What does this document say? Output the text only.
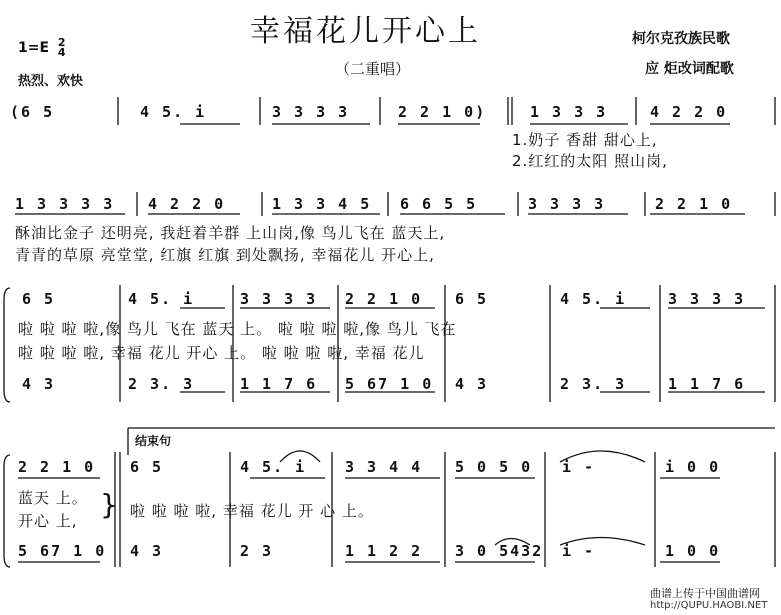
幸福花儿开心上
（二重唱）
1=E 2
4
热烈、欢快
柯尔克孜族民歌
应 炬改词配歌
(6 5	4 5. i	3 3 3 3	2 2 1 0)	1 3 3 3	4 2 2 0
1.奶子 香甜 甜心上,
2.红红的太阳 照山岗,
1 3 3 3 3 4 2 2 0	1 3 3 4 5 6 6 5 5	3 3 3 3	2 2 1 0
酥油比金子 还明亮, 我赶着羊群 上山岗,像 鸟儿飞在 蓝天上,
青青的草原 亮堂堂, 红旗 红旗 到处飘扬, 幸福花儿 开心上,
6 5	4 5. i	3 3 3 3 2 2 1 0 6 5	4 5. i	3 3 3 3
啦 啦 啦 啦,像 鸟儿 飞在 蓝天 上。 啦 啦 啦 啦,像 鸟儿 飞在
啦 啦 啦 啦, 幸福 花儿 开心 上。 啦 啦 啦 啦, 幸福 花儿
4 3	2 3. 3	1 1 7 6 5 67 1 0 4 3	2 3. 3	1 1 7 6
结束句
2 2 1 0 6 5	4 5. i	3 3 4 4 5 0 5 0 i -	i 0 0
蓝天 上。
开心 上, } 啦 啦 啦 啦, 幸福 花儿 开 心 上。
5 67 1 0 4 3	2 3	1 1 2 2 3 0 5432 i -	1 0 0
曲谱上传于中国曲谱网
http://QUPU.HAOBI.NET
